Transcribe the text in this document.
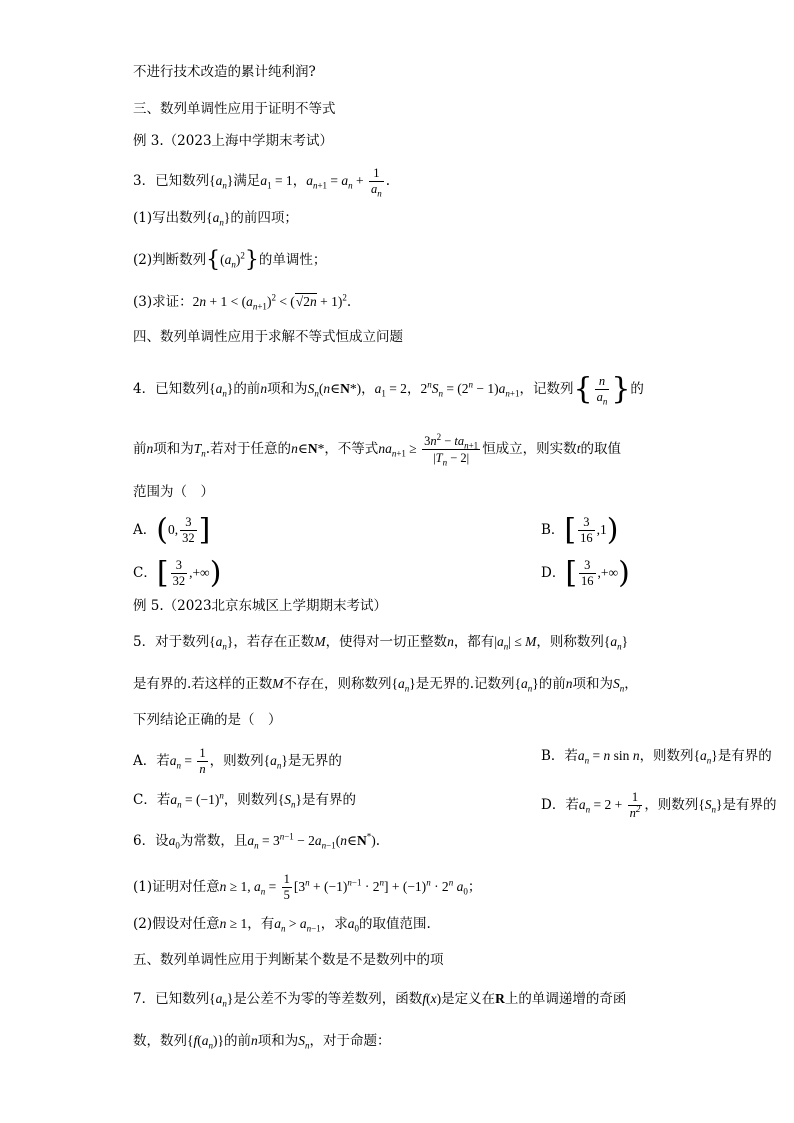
不进行技术改造的累计纯利润?
三、数列单调性应用于证明不等式
例 3.（2023上海中学期末考试）
3．已知数列$\{a_n\}$满足$a_1 = 1$，$a_{n+1} = a_n + \frac{1}{a_n}$ .
(1)写出数列$\{a_n\}$的前四项；
(2)判断数列$\{(a_n)^2\}$的单调性；
(3)求证：$2n + 1 < (a_{n+1})^2 < (√2n + 1)^2$.
四、数列单调性应用于求解不等式恒成立问题
4．已知数列$\{a_n\}$的前n项和为$S_n(n\in N*)$，$a_1 = 2$，$2^nS_n = (2^n - 1)a_{n+1}$，记数列{ $\frac{n}{a_n}$ }的
前n项和为$T_n$.若对于任意的n∈N*，不等式$na_{n+1} \ge \frac{3n^2 - ta_{n+1}}{|T_n - 2|}$ 恒成立，则实数t的取值
范围为（　）
A．(0, $\frac{3}{32}$ ]	B．[ $\frac{3}{16} ,1$)
C．[ $\frac{3}{32}$ ,+∞)	D．[ $\frac{3}{16}$ ,+∞)
例 5.（2023北京东城区上学期期末考试）
5．对于数列$\{a_n\}$，若存在正数M，使得对一切正整数n，都有$|a_n| \le M$，则称数列$\{a_n\}$
是有界的.若这样的正数M不存在，则称数列$\{a_n\}$是无界的.记数列$\{a_n\}$的前n项和为$S_n$，
下列结论正确的是（　）
A．若$a_n = \frac{1}{n}$ ，则数列$\{a_n\}$是无界的	B．若$a_n = n$ sin n，则数列$\{a_n\}$是有界的
C．若$a_n = (-1)^n$，则数列$\{S_n\}$是有界的	D．若$a_n = 2 + \frac{1}{n^2}$ ，则数列$\{S_n\}$是有界的
6．设$a_0$为常数，且$a_n = 3^{n-1}$ − $2a_{n-1}(n\in N^*)$.
(1)证明对任意n ≥ 1, $a_n = \frac{1}{5} [3^n + (-1)^{n-1} \cdot 2^n] + (-1)^n \cdot 2^n$ $a_0$；
(2)假设对任意n ≥ 1，有$a_n > a_{n-1}$，求$a_0$的取值范围.
五、数列单调性应用于判断某个数是不是数列中的项
7．已知数列$\{a_n\}$是公差不为零的等差数列，函数f(x)是定义在R上的单调递增的奇函
数，数列$\{f(a_n)\}$的前n项和为$S_n$，对于命题：
